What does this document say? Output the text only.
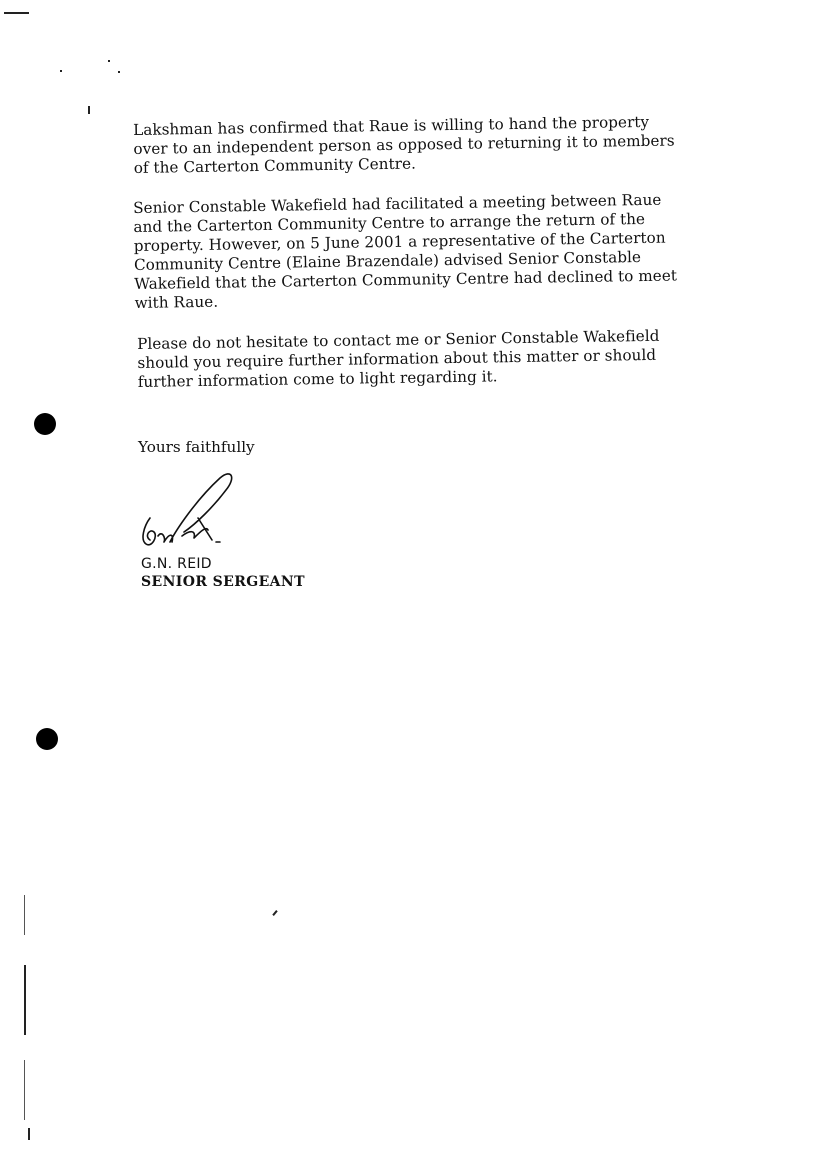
Lakshman has confirmed that Raue is willing to hand the property
over to an independent person as opposed to returning it to members
of the Carterton Community Centre.

Senior Constable Wakefield had facilitated a meeting between Raue
and the Carterton Community Centre to arrange the return of the
property. However, on 5 June 2001 a representative of the Carterton
Community Centre (Elaine Brazendale) advised Senior Constable
Wakefield that the Carterton Community Centre had declined to meet
with Raue.

Please do not hesitate to contact me or Senior Constable Wakefield
should you require further information about this matter or should
further information come to light regarding it.

Yours faithfully

G.N. REID

SENIOR SERGEANT
